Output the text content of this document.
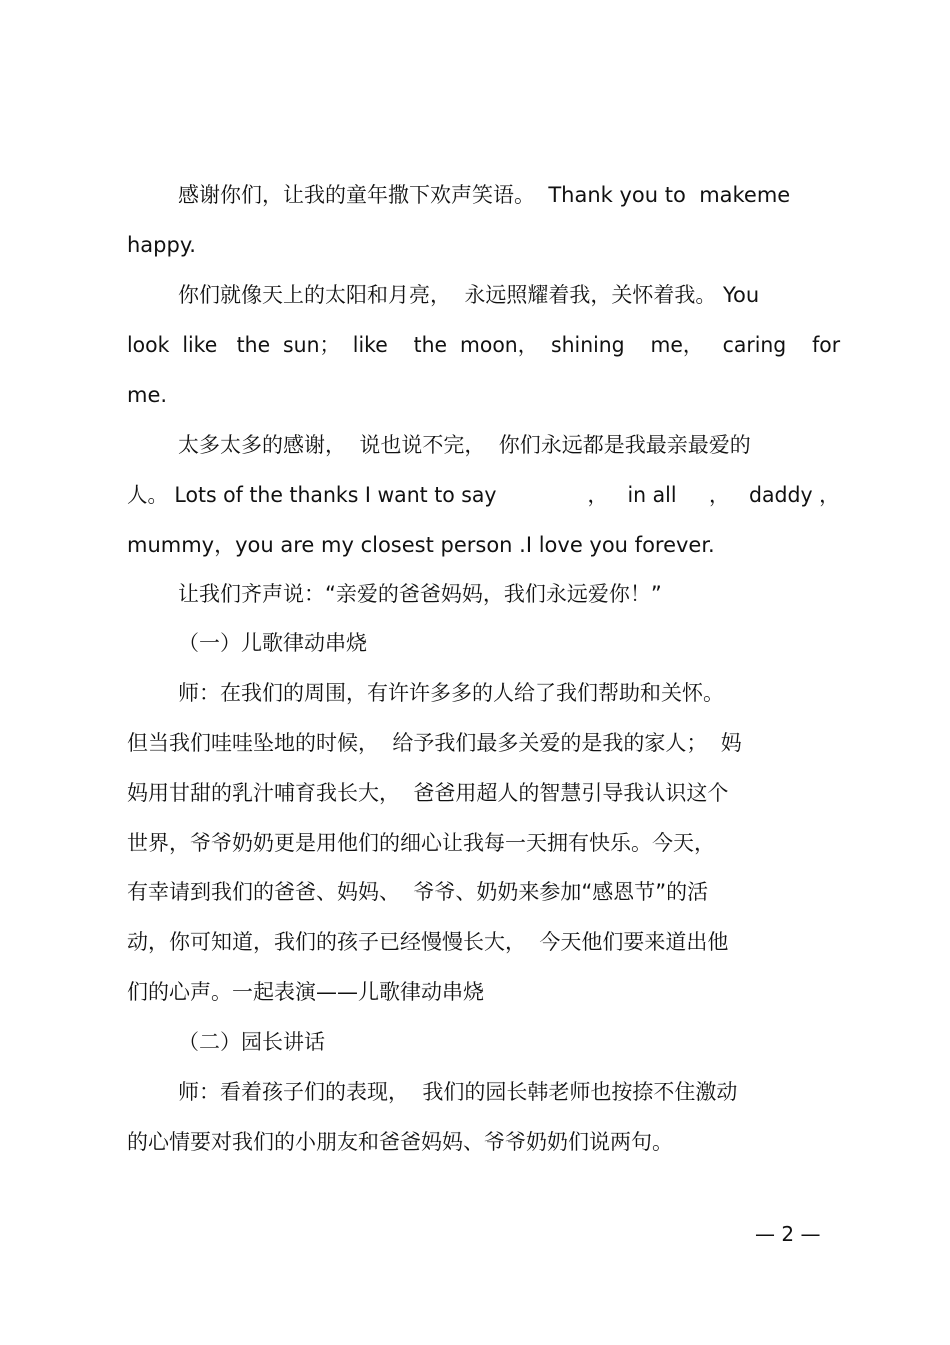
感谢你们，让我的童年撒下欢声笑语。  Thank you to  makeme
happy.
你们就像天上的太阳和月亮，  永远照耀着我，关怀着我。 You
look  like   the  sun；  like    the  moon，  shining    me，   caring    for
me.
太多太多的感谢，  说也说不完，  你们永远都是我最亲最爱的
人。 Lots of the thanks I want to say              ，   in all     ，   daddy ，
mummy，you are my closest person .I love you forever.
让我们齐声说：“亲爱的爸爸妈妈，我们永远爱你！”
（一）儿歌律动串烧
师：在我们的周围，有许许多多的人给了我们帮助和关怀。
但当我们哇哇坠地的时候，  给予我们最多关爱的是我的家人；  妈
妈用甘甜的乳汁哺育我长大，  爸爸用超人的智慧引导我认识这个
世界，爷爷奶奶更是用他们的细心让我每一天拥有快乐。今天，
有幸请到我们的爸爸、妈妈、  爷爷、奶奶来参加“感恩节”的活
动，你可知道，我们的孩子已经慢慢长大，  今天他们要来道出他
们的心声。一起表演——儿歌律动串烧
（二）园长讲话
师：看着孩子们的表现，  我们的园长韩老师也按捺不住激动
的心情要对我们的小朋友和爸爸妈妈、爷爷奶奶们说两句。
— 2 —
